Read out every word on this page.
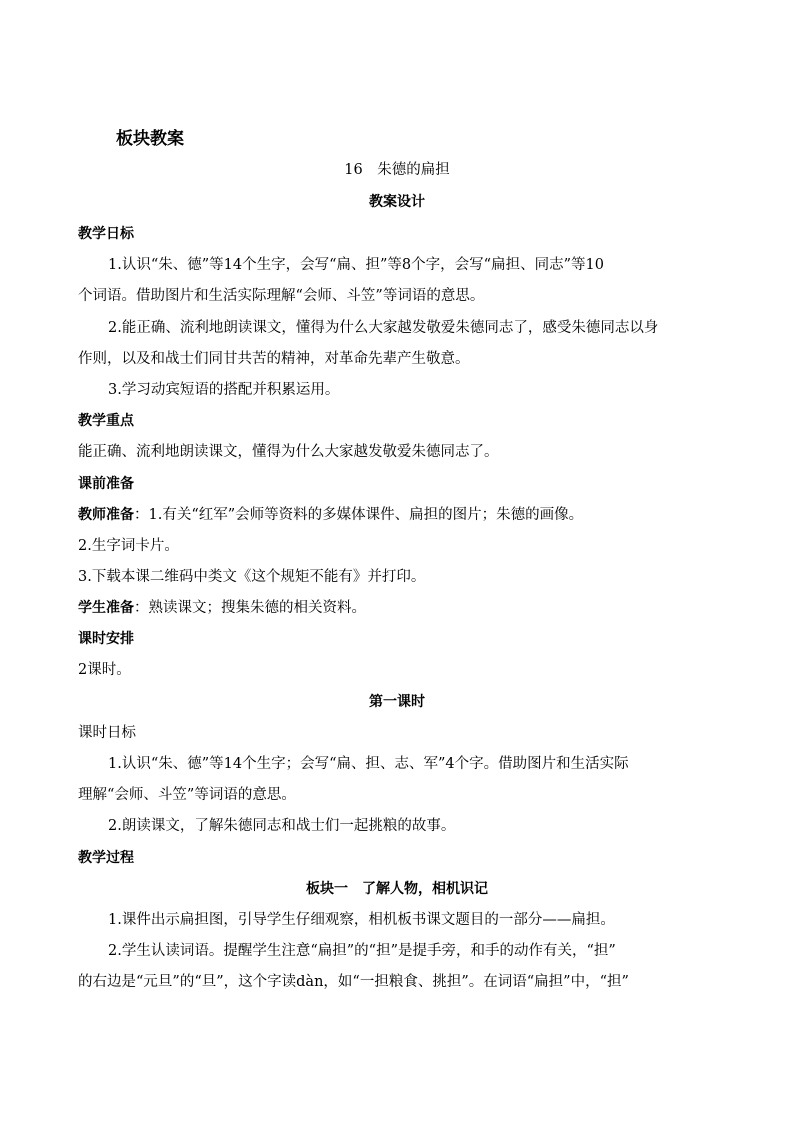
板块教案
16　朱德的扁担
教案设计
教学日标
1.认识“朱、德”等14个生字，会写“扁、担”等8个字，会写“扁担、同志”等10
个词语。借助图片和生活实际理解“会师、斗笠”等词语的意思。
2.能正确、流利地朗读课文，懂得为什么大家越发敬爱朱德同志了，感受朱德同志以身
作则，以及和战士们同甘共苦的精神，对革命先辈产生敬意。
3.学习动宾短语的搭配并积累运用。
教学重点
能正确、流利地朗读课文，懂得为什么大家越发敬爱朱德同志了。
课前准备
教师准备：1.有关“红军”会师等资料的多媒体课件、扁担的图片；朱德的画像。
2.生字词卡片。
3.下载本课二维码中类文《这个规矩不能有》并打印。
学生准备：熟读课文；搜集朱德的相关资料。
课时安排
2课时。
第一课时
课时日标
1.认识“朱、德”等14个生字；会写“扁、担、志、军”4个字。借助图片和生活实际
理解“会师、斗笠”等词语的意思。
2.朗读课文，了解朱德同志和战士们一起挑粮的故事。
教学过程
板块一　了解人物，相机识记
1.课件出示扁担图，引导学生仔细观察，相机板书课文题目的一部分——扁担。
2.学生认读词语。提醒学生注意“扁担”的“担”是提手旁，和手的动作有关，“担”
的右边是“元旦”的“旦”，这个字读dàn，如“一担粮食、挑担”。在词语“扁担”中，“担”
